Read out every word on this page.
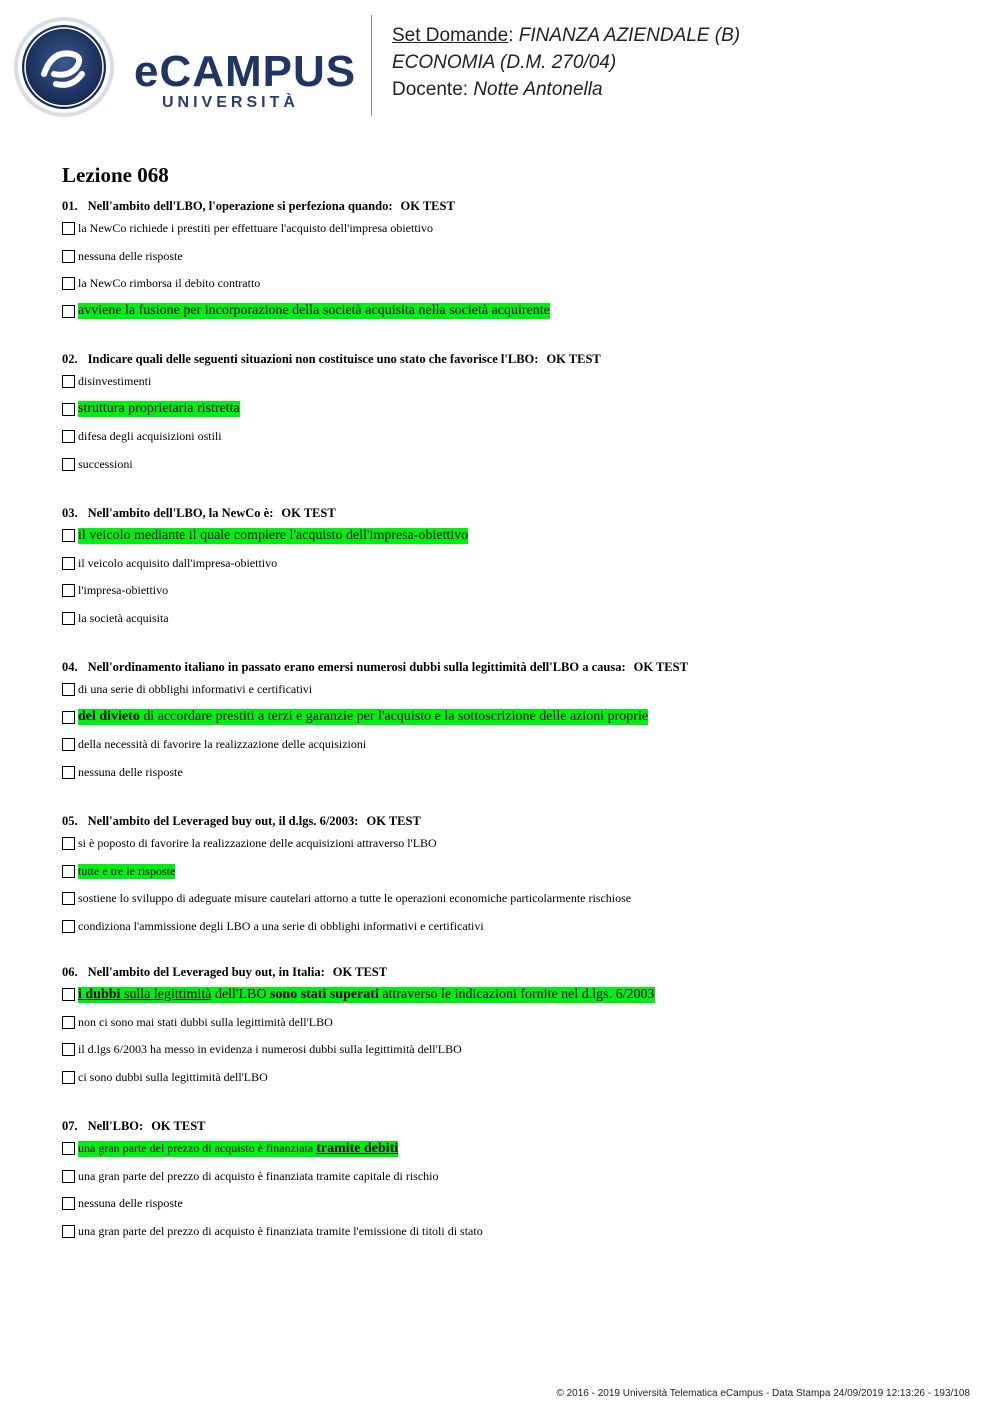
eCAMPUS
UNIVERSITÀ
Set Domande: FINANZA AZIENDALE (B)
ECONOMIA (D.M. 270/04)
Docente: Notte Antonella
Lezione 068
01. Nell'ambito dell'LBO, l'operazione si perfeziona quando: OK TEST
la NewCo richiede i prestiti per effettuare l'acquisto dell'impresa obiettivo
nessuna delle risposte
la NewCo rimborsa il debito contratto
avviene la fusione per incorporazione della società acquisita nella società acquirente
02. Indicare quali delle seguenti situazioni non costituisce uno stato che favorisce l'LBO: OK TEST
disinvestimenti
struttura proprietaria ristretta
difesa degli acquisizioni ostili
successioni
03. Nell'ambito dell'LBO, la NewCo è: OK TEST
il veicolo mediante il quale compiere l'acquisto dell'impresa-obiettivo
il veicolo acquisito dall'impresa-obiettivo
l'impresa-obiettivo
la società acquisita
04. Nell'ordinamento italiano in passato erano emersi numerosi dubbi sulla legittimità dell'LBO a causa: OK TEST
di una serie di obblighi informativi e certificativi
del divieto di accordare prestiti a terzi e garanzie per l'acquisto e la sottoscrizione delle azioni proprie
della necessità di favorire la realizzazione delle acquisizioni
nessuna delle risposte
05. Nell'ambito del Leveraged buy out, il d.lgs. 6/2003: OK TEST
si è poposto di favorire la realizzazione delle acquisizioni attraverso l'LBO
tutte e tre le risposte
sostiene lo sviluppo di adeguate misure cautelari attorno a tutte le operazioni economiche particolarmente rischiose
condiziona l'ammissione degli LBO a una serie di obblighi informativi e certificativi
06. Nell'ambito del Leveraged buy out, in Italia: OK TEST
i dubbi sulla legittimità dell'LBO sono stati superati attraverso le indicazioni fornite nel d.lgs. 6/2003
non ci sono mai stati dubbi sulla legittimità dell'LBO
il d.lgs 6/2003 ha messo in evidenza i numerosi dubbi sulla legittimità dell'LBO
ci sono dubbi sulla legittimità dell'LBO
07. Nell'LBO: OK TEST
una gran parte del prezzo di acquisto è finanziata tramite debiti
una gran parte del prezzo di acquisto è finanziata tramite capitale di rischio
nessuna delle risposte
una gran parte del prezzo di acquisto è finanziata tramite l'emissione di titoli di stato
© 2016 - 2019 Università Telematica eCampus - Data Stampa 24/09/2019 12:13:26 - 193/108
